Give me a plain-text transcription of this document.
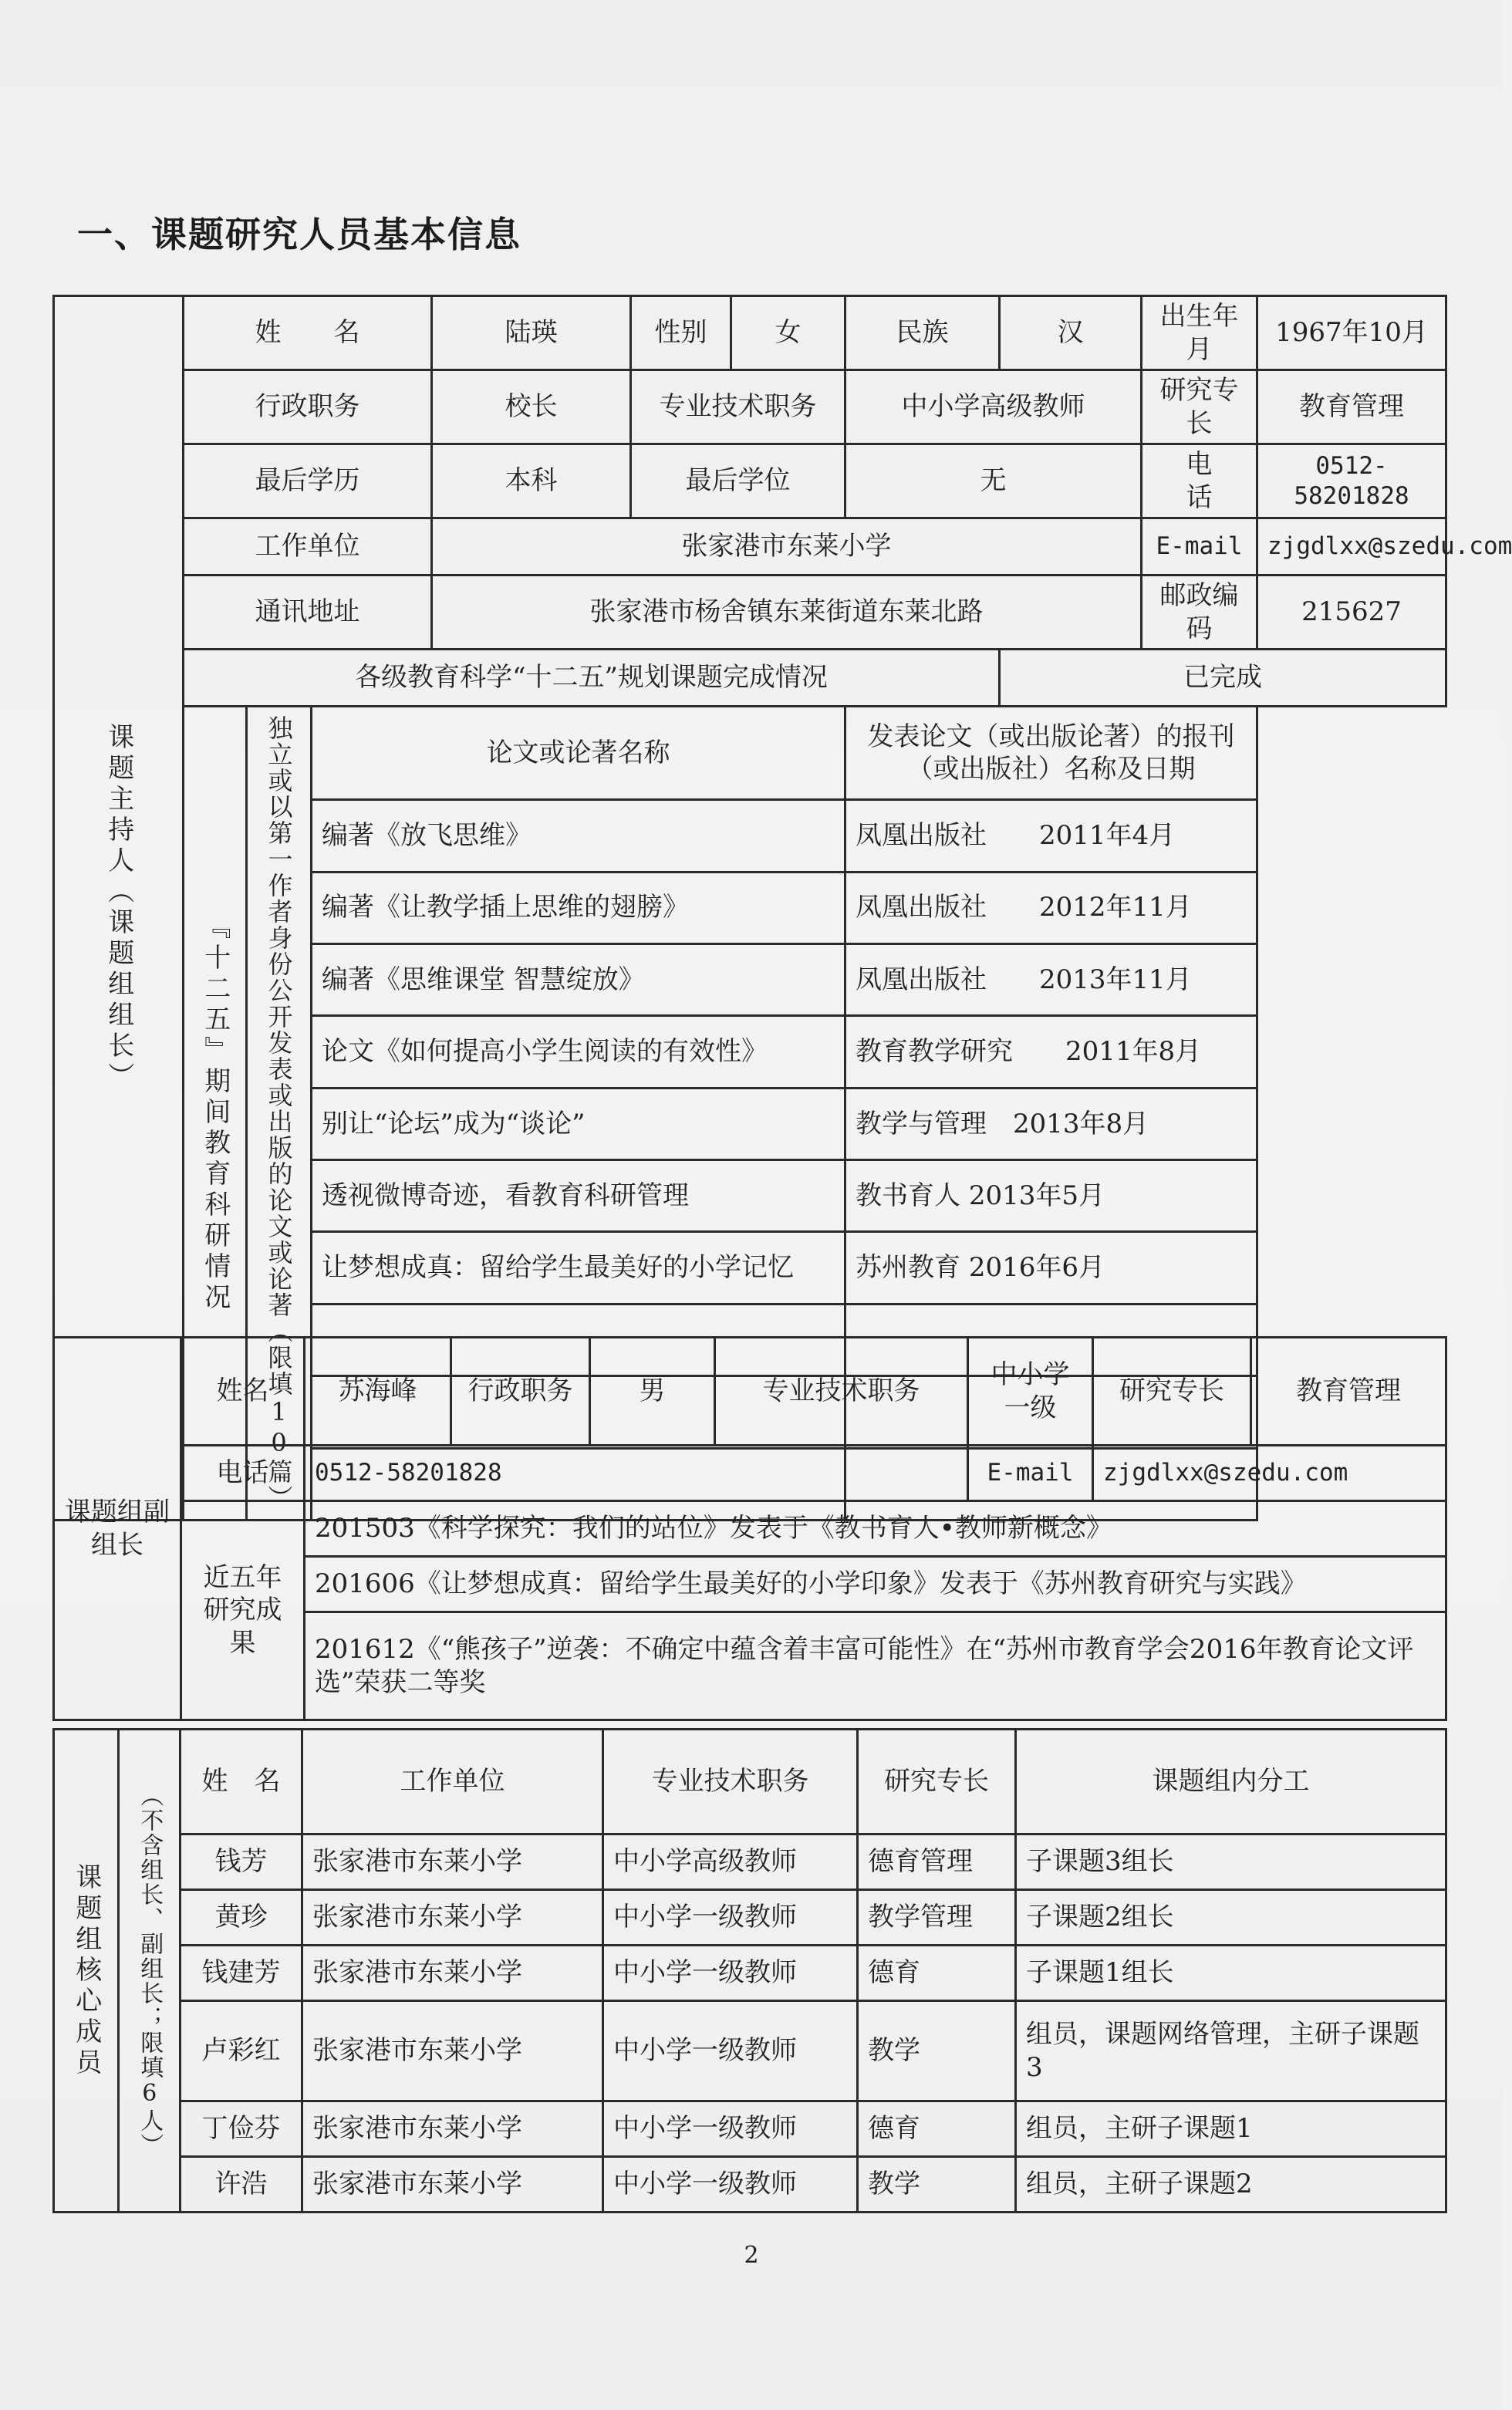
一、课题研究人员基本信息
课题主持人（课题组组长）	姓　　名			陆瑛	性别	女	民族	汉	出生年月	1967年10月
	行政职务			校长	专业技术职务		中小学高级教师		研究专长	教育管理
	最后学历			本科	最后学位		无		电　　话	0512-58201828
	工作单位			张家港市东莱小学					E-mail	zjgdlxx@szedu.com
	通讯地址			张家港市杨舍镇东莱街道东莱北路					邮政编码	215627
	各级教育科学“十二五”规划课题完成情况							已完成		
	『十二五』期间教育科研情况	独立或以第一作者身份公开发表或出版的论文或论著（限填10篇）	论文或论著名称				发表论文（或出版论著）的报刊（或出版社）名称及日期			
			编著《放飞思维》				凤凰出版社　　2011年4月			
			编著《让教学插上思维的翅膀》				凤凰出版社　　2012年11月			
			编著《思维课堂 智慧绽放》				凤凰出版社　　2013年11月			
			论文《如何提高小学生阅读的有效性》				教育教学研究　　2011年8月			
			别让“论坛”成为“谈论”				教学与管理　2013年8月			
			透视微博奇迹，看教育科研管理				教书育人 2013年5月			
			让梦想成真：留给学生最美好的小学记忆				苏州教育 2016年6月			

课题组副组长	姓名	苏海峰	行政职务	男	专业技术职务	中小学一级	研究专长	教育管理
	电话	0512-58201828				E-mail	zjgdlxx@szedu.com	
	近五年研究成果	201503《科学探究：我们的站位》发表于《教书育人•教师新概念》						
		201606《让梦想成真：留给学生最美好的小学印象》发表于《苏州教育研究与实践》						
		201612《“熊孩子”逆袭：不确定中蕴含着丰富可能性》在“苏州市教育学会2016年教育论文评选”荣获二等奖						
课题组核心成员	（不含组长、副组长；限填6人）	姓　名	工作单位	专业技术职务	研究专长	课题组内分工
		钱芳	张家港市东莱小学	中小学高级教师	德育管理	子课题3组长
		黄珍	张家港市东莱小学	中小学一级教师	教学管理	子课题2组长
		钱建芳	张家港市东莱小学	中小学一级教师	德育	子课题1组长
		卢彩红	张家港市东莱小学	中小学一级教师	教学	组员，课题网络管理，主研子课题3
		丁俭芬	张家港市东莱小学	中小学一级教师	德育	组员，主研子课题1
		许浩	张家港市东莱小学	中小学一级教师	教学	组员，主研子课题2
2
